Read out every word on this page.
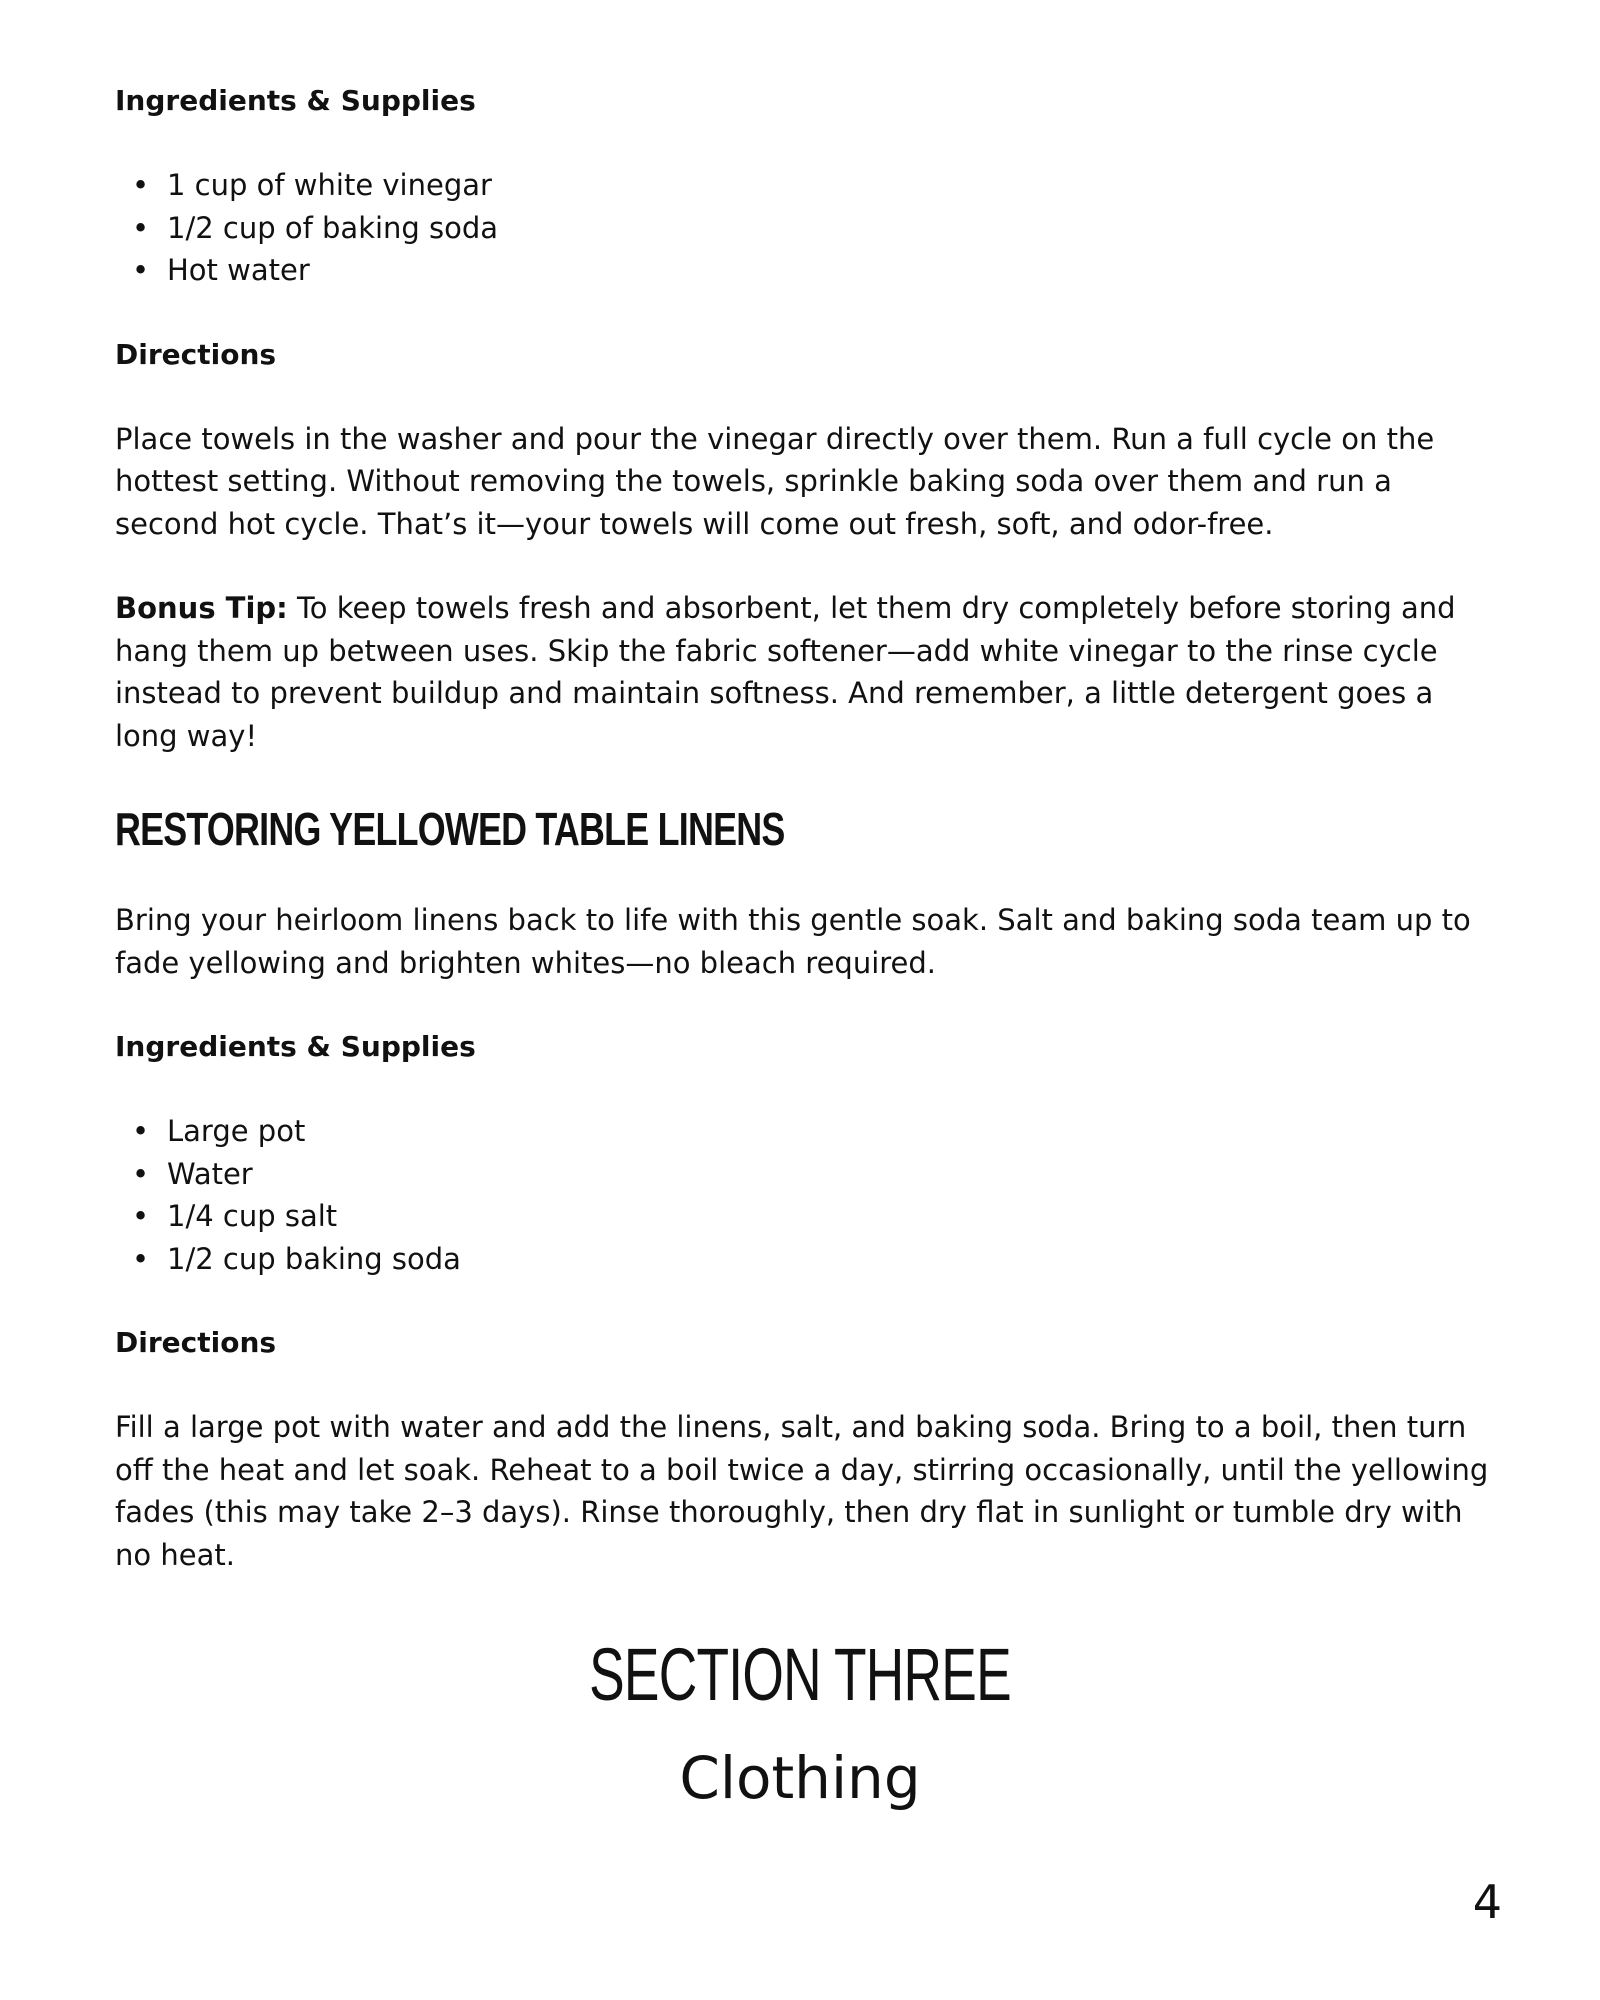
Ingredients & Supplies
• 1 cup of white vinegar
• 1/2 cup of baking soda
• Hot water
Directions

Place towels in the washer and pour the vinegar directly over them. Run a full cycle on the hottest setting. Without removing the towels, sprinkle baking soda over them and run a second hot cycle. That’s it—your towels will come out fresh, soft, and odor-free.

Bonus Tip: To keep towels fresh and absorbent, let them dry completely before storing and hang them up between uses. Skip the fabric softener—add white vinegar to the rinse cycle instead to prevent buildup and maintain softness. And remember, a little detergent goes a long way!

RESTORING YELLOWED TABLE LINENS

Bring your heirloom linens back to life with this gentle soak. Salt and baking soda team up to fade yellowing and brighten whites—no bleach required.

Ingredients & Supplies
• Large pot
• Water
• 1/4 cup salt
• 1/2 cup baking soda
Directions

Fill a large pot with water and add the linens, salt, and baking soda. Bring to a boil, then turn off the heat and let soak. Reheat to a boil twice a day, stirring occasionally, until the yellowing fades (this may take 2–3 days). Rinse thoroughly, then dry flat in sunlight or tumble dry with no heat.

SECTION THREE
Clothing
4
